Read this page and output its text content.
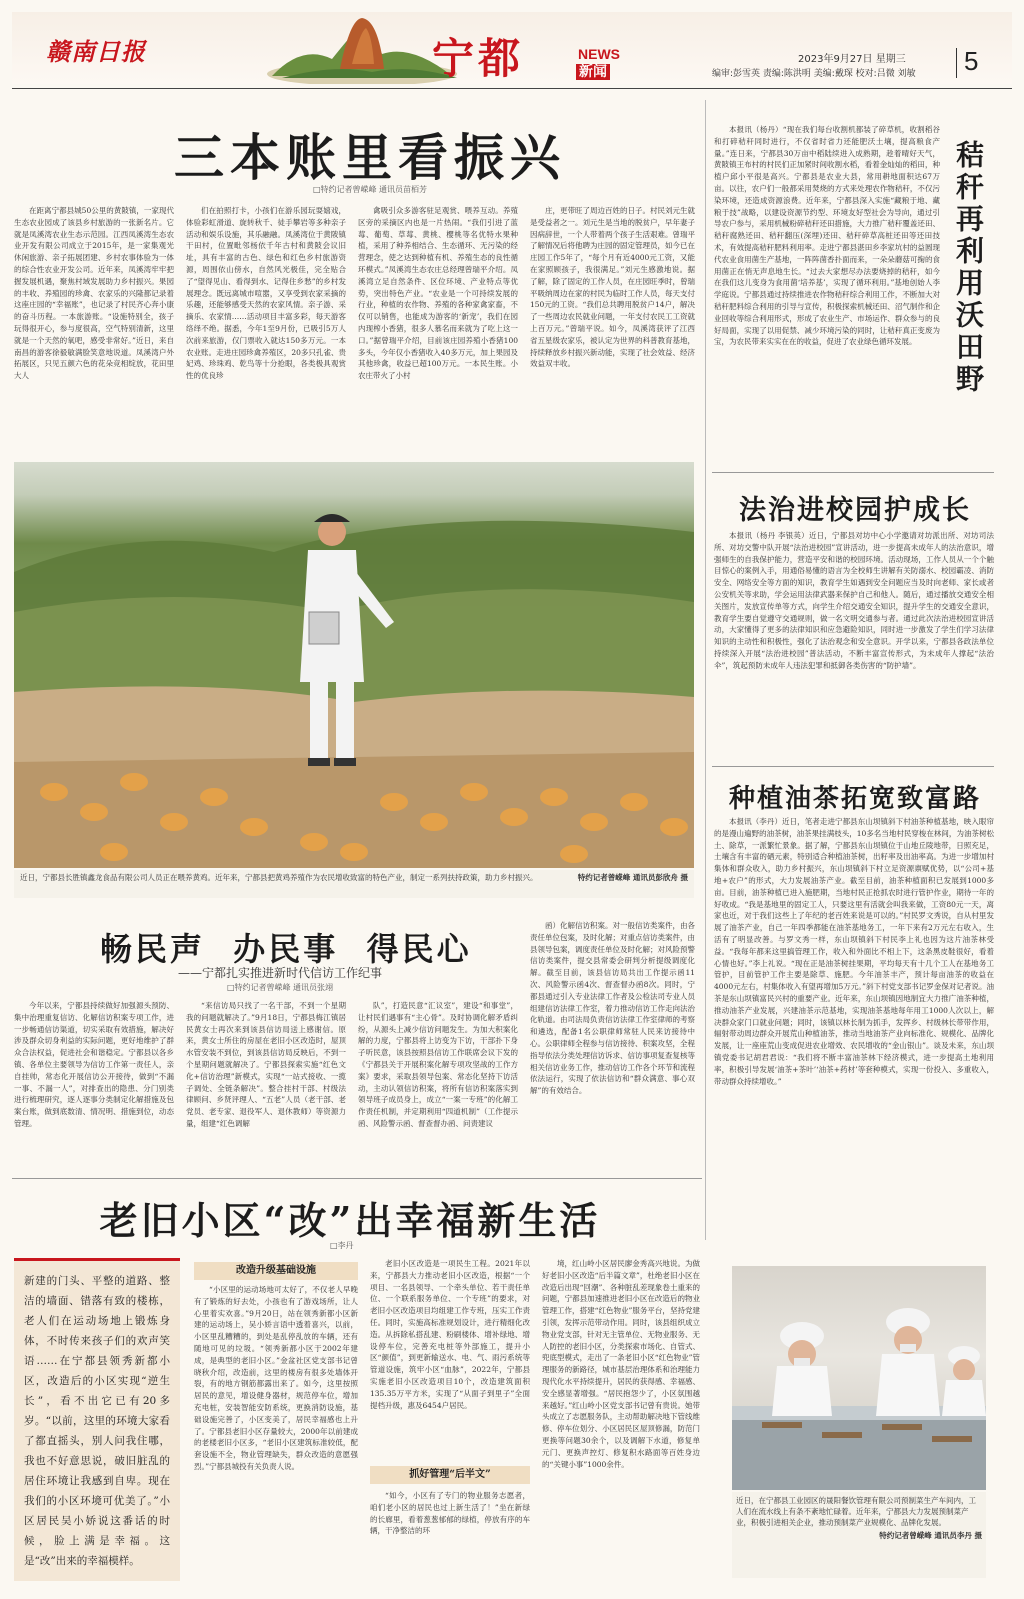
赣南日报	宁都	NEWS
新闻
2023年9月27日 星期三
编审:彭雪英 责编:陈洪明 美编:戴琛 校对:吕微 刘敏 5
三本账里看振兴
□特约记者曾嵘峰 通讯员苗栢芳

在距离宁都县城50公里的黄陂镇，一家现代生态农业园成了该县乡村旅游的一张新名片。它就是凤溪湾农业生态示范园。江西凤溪湾生态农业开发有限公司成立于2015年，是一家集观光休闲旅游、亲子拓展团建、乡村农事体验为一体的综合性农业开发公司。近年来，凤溪湾牢牢把握发展机遇，聚焦村域发展助力乡村振兴。果园的丰收、养殖园的珍禽、农家乐的兴隆都记录着这座庄园的“幸福账”，也记录了村民齐心奔小康的奋斗历程。一本旅游账。“设施特别全，孩子玩得很开心，参与度很高，空气特别清新，这里就是一个天然的氧吧，感受非常好。”近日，来自南昌的游客徐毅敏满脸笑意地说道。凤溪湾户外拓展区，只见五颜六色的花朵竞相绽放，花田里大人

们在拍照打卡，小孩们在游乐园玩耍嬉戏，体验彩虹滑道、旋转秋千、徒手攀岩等多种亲子活动和娱乐设施，其乐融融。凤溪湾位于黄陂镇干田村，位置毗邻杨依千年古村和黄陂会议旧址，具有丰富的古色、绿色和红色乡村旅游资源，周围依山傍水，自然风光极佳，完全贴合了“望得见山、看得到水、记得住乡愁”的乡村发展理念。既远离城市喧嚣，又享受到农家采摘的乐趣，还能够感受天然的农家风情。亲子游、采摘乐、农家情……活动项目丰富多彩，每天游客络绎不绝。据悉，今年1至9月份，已吸引5万人次前来旅游，仅门票收入就达150多万元。一本农业账。走进庄园珍禽养殖区，20多只孔雀、贵妃鸡、珍珠鸡、乾鸟等十分抢眼，各类极具观赏性的优良珍

禽吸引众多游客驻足观赏、喂养互动。养殖区旁的采摘区内也是一片热闹。“我们引进了蓝莓、葡萄、草莓、黄桃、樱桃等名优特水果种植，采用了种养相结合、生态循环、无污染的经营理念，使之达到种植有机、养殖生态的良性循环模式。”凤溪湾生态农庄总经理曾瑞平介绍。凤溪湾立足自然条件、区位环境、产业特点等优势，突出特色产业。“农业是一个可持续发展的行业，种植的农作物、养殖的各种家禽家畜，不仅可以销售，也能成为游客的‘新宠’，我们在园内现榨小香猪，很多人慕名而来就为了吃上这一口。”据曾瑞平介绍，目前该庄园养殖小香猪100多头，今年仅小香猪收入40多万元，加上果园及其他珍禽，收益已超100万元。一本民生账。小农庄带火了小村

庄，更带旺了周边百姓的日子。村民刘元生就是受益者之一。刘元生是当地的脱贫户，早年妻子因病辞世，一个人带着两个孩子生活艰难。曾瑞平了解情况后将他聘为庄园的固定管理员，如今已在庄园工作5年了，“每个月有近4000元工资，又能在家照顾孩子，我很满足。”刘元生感激地说。据了解，除了固定的工作人员，在庄园旺季时，曾瑞平吸纳周边在家的村民为临时工作人员，每天支付150元的工资。“我们总共聘用脱贫户14户，解决了一些周边农民就业问题，一年支付农民工工资就上百万元。”曾瑞平说。如今，凤溪湾获评了江西省五星级农家乐，被认定为世界的科普教育基地，持续释放乡村振兴新动能，实现了社会效益、经济效益双丰收。

本报讯（杨丹）“现在我们每台收割机都装了碎草机，收割稻谷和打碎秸秆同时进行，不仅省时省力还能肥沃土壤，提高粮食产量。”连日来，宁都县30万亩中稻陆续进入成熟期，趁着晴好天气，黄陂镇王布村的村民们正加紧时间收割水稻，看着金灿灿的稻田，种植户邱小平很是高兴。宁都县是农业大县，常用耕地面积达67万亩。以往，农户们一般都采用焚烧的方式来处理农作物秸秆，不仅污染环境，还造成资源浪费。近年来，宁都县深入实施“藏粮于地、藏粮于技”战略，以建设资源节约型、环境友好型社会为导向，通过引导农户参与，采用机械粉碎秸秆还田措施，大力推广秸秆覆盖还田、秸秆腐熟还田、秸秆翻压(深埋)还田、秸秆碎草高桩还田等还田技术，有效提高秸秆肥料利用率。走进宁都县湛田乡李家坑村的益圆现代农业食用菌生产基地，一阵阵菌香扑面而来，一朵朵蘑菇可掬的食用菌正在悄无声息地生长。“过去大家想尽办法要烧掉的秸秆，如今在我们这儿变身为食用菌‘培养基’，实现了循环利用。”基地创始人李学庭说。宁都县通过持续推进农作物秸秆综合利用工作，不断加大对秸秆肥料综合利用的引导与宣传，积极探索机械还田、沼气制作和企业回收等综合利用形式，形成了农业生产、市场运作、群众参与的良好局面，实现了以用促禁、减少环境污染的同时，让秸秆真正变废为宝，为农民带来实实在在的收益，促进了农业绿色循环发展。	秸秆再利用沃田野
法治进校园护成长

本报讯（杨丹 李银英）近日，宁都县对坊中心小学邀请对坊派出所、对坊司法所、对坊交警中队开展“法治进校园”宣讲活动，进一步提高未成年人的法治意识，增强师生的自我保护能力，营造平安和谐的校园环境。活动现场，工作人员从一个个触目惊心的案例入手，用通俗易懂的语言为全校师生讲解有关防溺水、校园霸凌、消防安全、网络安全等方面的知识，教育学生如遇到安全问题应当及时向老师、家长或者公安机关等求助，学会运用法律武器来保护自己和他人。随后，通过播放交通安全相关图片，发放宣传单等方式，向学生介绍交通安全知识，提升学生的交通安全意识，教育学生要自觉遵守交通规则，做一名文明交通参与者。通过此次法治进校园宣讲活动，大家懂得了更多的法律知识和应急避险知识，同时进一步激发了学生们学习法律知识的主动性和积极性，强化了法治观念和安全意识。开学以来，宁都县各政法单位持续深入开展“法治进校园”普法活动，不断丰富宣传形式，为未成年人撑起“法治伞”，筑起预防未成年人违法犯罪和抵御各类伤害的“防护墙”。

近日，宁都县长胜镇鑫龙食品有限公司人员正在喂养黄鸡。近年来，宁都县把黄鸡养殖作为农民增收致富的特色产业，制定一系列扶持政策，助力乡村振兴。	特约记者曾嵘峰 通讯员彭欣舟 摄
种植油茶拓宽致富路

本报讯（李丹）近日，笔者走进宁都县东山坝镇斜下村油茶种植基地，映入眼帘的是漫山遍野的油茶树，油茶果挂满枝头，10多名当地村民穿梭在林间，为油茶树松土、除草，一派繁忙景象。据了解，宁都县东山坝镇位于山地丘陵地带，日照充足，土壤含有丰富的硒元素，特别适合种植油茶树，出籽率及出油率高。为进一步增加村集体和群众收入，助力乡村振兴，东山坝镇斜下村立足资源禀赋优势，以“公司+基地+农户”的形式，大力发展油茶产业。截至目前，油茶种植面积已发展到1000多亩。目前，油茶种植已进入施肥期，当地村民正抢抓农时进行管护作业，期待一年的好收成。“我是基地里的固定工人，只要这里有活就会叫我来做，工资80元一天，离家也近，对于我们这些上了年纪的老百姓来说是可以的。”村民罗文秀说，自从村里发展了油茶产业，自己一年四季都能在油茶基地务工，一年下来有2万元左右收入，生活有了明显改善。与罗文秀一样，东山坝镇斜下村民李上礼也因为这片油茶林受益。“我每年都来这里搞管理工作，收入和外面比不相上下，这条黑皮鞋很好，看着心情也好。”李上礼说。“现在正是油茶树挂果期，平均每天有十几个工人在基地务工管护，目前管护工作主要是除草、施肥。今年油茶丰产，预计每亩油茶的收益在4000元左右，村集体收入有望再增加5万元。”斜下村党支部书记罗金保对记者说。油茶是东山坝镇富民兴村的重要产业。近年来，东山坝镇因地制宜大力推广油茶种植，推动油茶产业发展，兴建油茶示范基地，实现油茶基地每年用工1000人次以上，解决群众家门口就业问题；同时，该镇以林长制为抓手，发挥乡、村级林长带带作用，辐射带动周边群众开展荒山种植油茶，推动当地油茶产业向标准化、规模化、品牌化发展，让一座座荒山变成促进农业增效、农民增收的“金山银山”。谈及未来，东山坝镇党委书记胡君君说：“我们将不断丰富油茶林下经济模式，进一步提高土地利用率，积极引导发展‘油茶+茶叶’‘油茶+药材’等套种模式，实现一份投入、多重收入，带动群众持续增收。”

畅民声  办民事  得民心
——宁都扎实推进新时代信访工作纪事
□特约记者曾嵘峰 通讯员张翊

今年以来，宁都县持续做好加强源头预防、集中治理重复信访、化解信访积案专项工作，进一步畅通信访渠道，切实采取有效措施，解决好涉及群众切身利益的实际问题，更好地维护了群众合法权益，促进社会和谐稳定。宁都县以各乡镇、各单位主要领导为信访工作第一责任人，亲自挂帅，常态化开展信访公开接待，做到“不漏一事、不漏一人”，对排查出的隐患、分门别类进行梳理研究，逐人逐事分类制定化解措施及包案台账，做到底数清、情况明、措施到位，动态管理。

“来信访局只找了一名干部，不到一个星期我的问题就解决了。”9月18日，宁都县梅江镇居民黄女士再次来到该县信访局送上感谢信。原来，黄女士所住的房屋在老旧小区改造时，屋顶水管安装不到位，到该县信访局反映后，不到一个星期问题就解决了。宁都县探索实施“红色文化+信访治理”新模式，实现“一站式接收、一揽子调处、全链条解决”。整合挂村干部、村级法律顾问、乡贤评理人、“五老”人员（老干部、老党员、老专家、退役军人、退休教师）等资源力量，组建“红色调解

队”，打造民意“汇议室”，建设“和事堂”，让村民们遇事有“主心骨”。及时协调化解矛盾纠纷，从源头上减少信访问题发生。为加大积案化解的力度，宁都县将上访变为下访，干部扑下身子听民意，该县按照县信访工作联席会议下发的《宁都县关于开展积案化解专项攻坚战的工作方案》要求，采取县领导包案、常态化坚持下访活动，主动认领信访积案，将所有信访积案落实到领导班子成员身上，成立“一案一专班”的化解工作责任机制，并定期利用“四道机制”（工作提示函、风险警示函、督查督办函、问责建议

函）化解信访积案。对一般信访类案件，由各责任单位包案，及时化解；对重点信访类案件，由县领导包案，调度责任单位及时化解；对风险预警信访类案件，提交县常委会研判分析提级调度化解。截至目前，该县信访局共出工作提示函11次、风险警示函4次、督查督办函8次。同时，宁都县通过引入专业法律工作者及公检法司专业人员组建信访法律工作室，着力推动信访工作走向法治化轨道。由司法局负责信访法律工作室律师的考察和遴选，配备1名公职律师常驻人民来访接待中心。公职律师全程参与信访接待、积案攻坚，全程指导依法分类处理信访诉求、信访事项复查复核等相关信访业务工作，推动信访工作各个环节和流程依法运行，实现了依法信访和“群众满意、事心双解”的有效结合。

老旧小区“改”出幸福新生活
□李丹
新建的门头、平整的道路、整洁的墙面、错落有致的楼栋，老人们在运动场地上锻炼身体，不时传来孩子们的欢声笑语……在宁都县领秀新都小区，改造后的小区实现“逆生长”，看不出它已有20多岁。“以前，这里的环境大家看了都直摇头，别人问我住哪，我也不好意思说，破旧脏乱的居住环境让我感到自卑。现在我们的小区环境可优美了。”小区居民吴小娇说这番话的时候，脸上满是幸福。这是“改”出来的幸福模样。
改造升级基础设施

“小区里的运动场地可太好了，不仅老人早晚有了锻炼的好去处，小孩也有了游戏场所，让人心里着实欢喜。”9月20日，站在领秀新都小区新建的运动场上，吴小娇言语中透着喜兴，以前，小区里乱糟糟的，到处是乱停乱放的车辆，还有随地可见的垃圾。“领秀新都小区于2002年建成，是典型的老旧小区。”金盆社区党支部书记曾晓秋介绍，改造前，这里的楼房有很多处墙体开裂，有的地方钢筋都露出来了。如今，这里按照居民的意见，增设健身器材，规范停车位，增加充电桩，安装智能安防系统，更换消防设施，基础设施完善了，小区变美了，居民幸福感也上升了。宁都县老旧小区存量较大，2000年以前建成的老楼老旧小区多，“老旧小区建筑标准较低，配套设施不全，物业管理缺失，群众改造的意愿强烈。”宁都县城投有关负责人说。

老旧小区改造是一项民生工程。2021年以来，宁都县大力推动老旧小区改造，根据“一个项目、一名县领导、一个牵头单位、若干责任单位、一个联系服务单位、一个专班”的要求，对老旧小区改造项目均组建工作专班，压实工作责任。同时，实施高标准规划设计，进行精细化改造。从拆除私搭乱建、粉刷楼体、增补绿地、增设停车位，完善充电桩等外部施工，提升小区“颜值”，到更新输送水、电、气、雨污系统等管道设施，筑牢小区“血脉”，2022年，宁都县实施老旧小区改造项目10个，改造建筑面积135.35万平方米，实现了“从面子到里子”全面提档升级，惠及6454户居民。

抓好管理“后半文”

“如今，小区有了专门的物业服务志愿者，咱们老小区的居民也过上新生活了！”坐在新绿的长廊里，看着葱葱郁郁的绿植，停放有序的车辆，干净整洁的环

境，红山岭小区居民廖金秀高兴地说。为做好老旧小区改造“后半篇文章”，杜绝老旧小区在改造后出现“回潮”、各种脏乱差现象卷土重来的问题，宁都县加速推进老旧小区在改造后的物业管理工作，搭建“红色物业”服务平台，坚持党建引领，发挥示范带动作用。同时，该县组织成立物业党支部，针对无主管单位、无物业服务、无人防控的老旧小区，分类探索市场化、自管式、兜底型模式，走出了一条老旧小区“红色物业”管理服务的新路径，城市基层治理体系和治理能力现代化水平持续提升，居民的获得感、幸福感、安全感显著增强。“居民抱怨少了，小区氛围越来越好。”红山岭小区党支部书记曾有贵说。她带头成立了志愿服务队，主动帮助解决地下管线维修、停车位划分、小区居民区屋顶修漏，防范门更换等问题30余个，以及调解下水道，修复单元门、更换声控灯、修复积水路面等百姓身边的“关键小事”1000余件。

近日，在宁都县工业园区的晟阳餐饮管理有限公司预制菜生产车间内，工人们在流水线上有条不紊地忙碌着。近年来，宁都县大力发展预制菜产业，积极引进相关企业，推动预制菜产业规模化、品牌化发展。
特约记者曾嵘峰 通讯员李丹 摄
